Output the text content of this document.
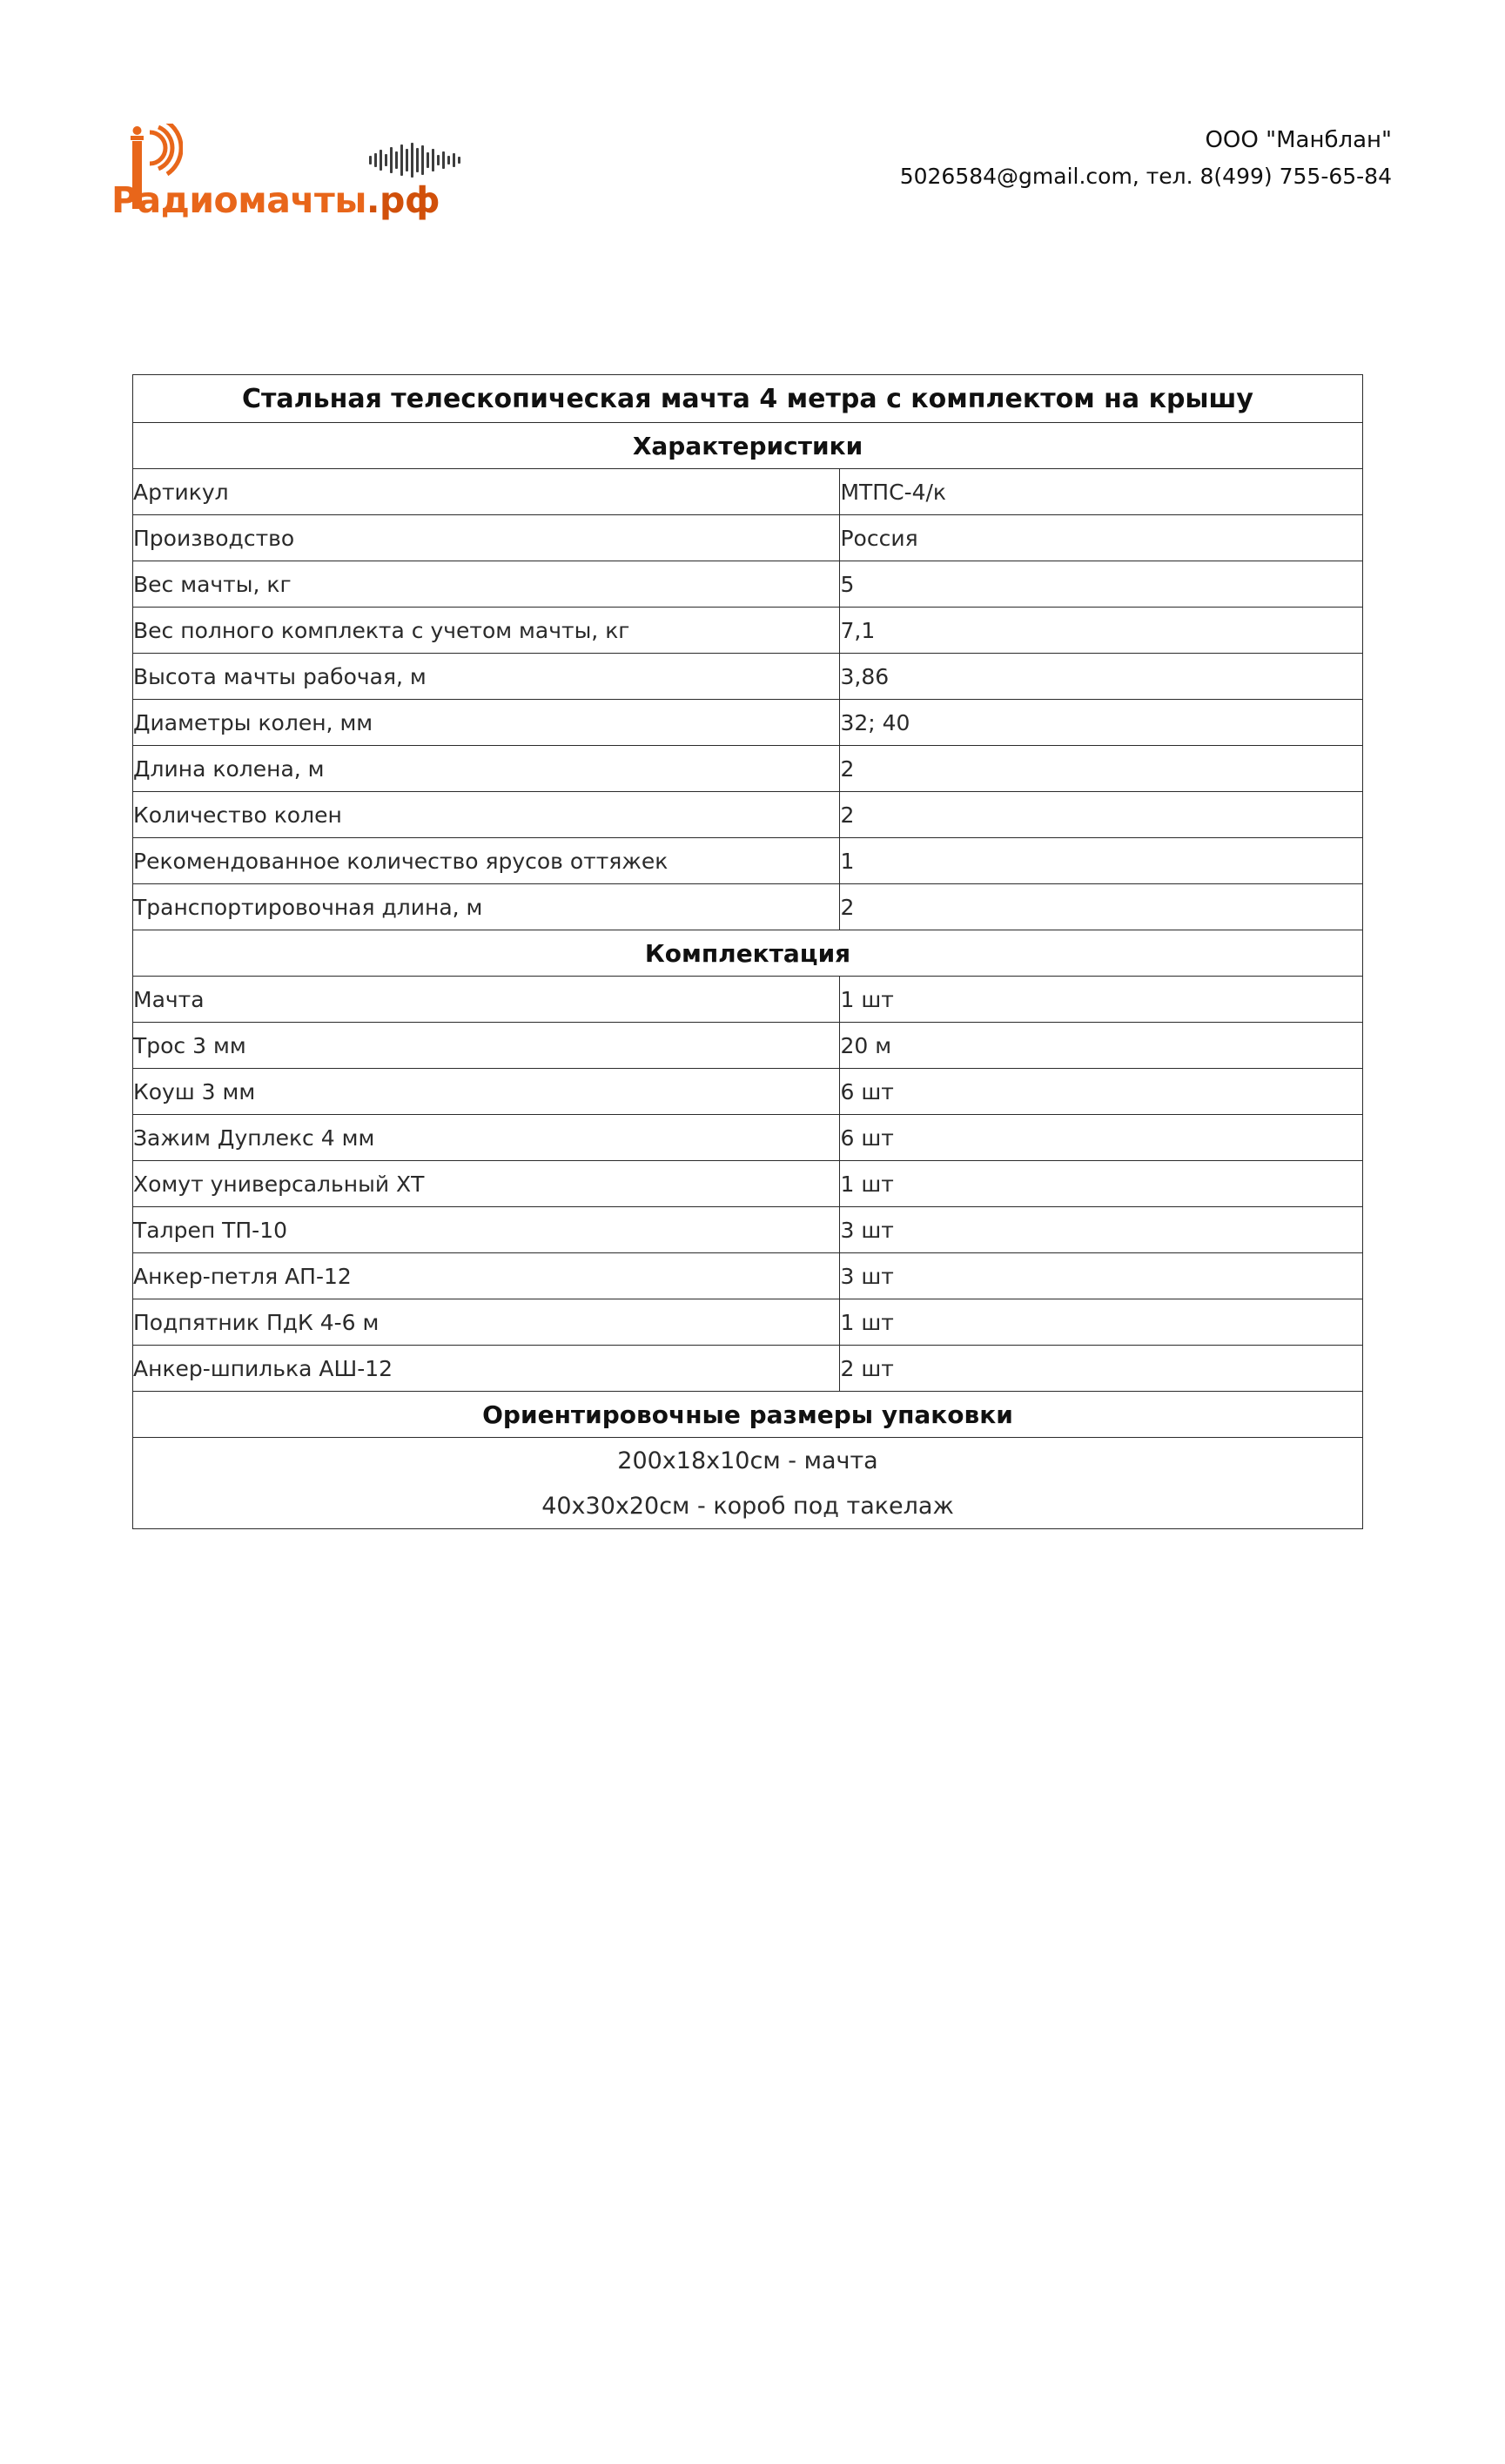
Радиомачты.рф
ООО "Манблан"
5026584@gmail.com, тел. 8(499) 755-65-84
Стальная телескопическая мачта 4 метра с комплектом на крышу	
Характеристики	
Артикул	МТПС-4/к
Производство	Россия
Вес мачты, кг	5
Вес полного комплекта с учетом мачты, кг	7,1
Высота мачты рабочая, м	3,86
Диаметры колен, мм	32; 40
Длина колена, м	2
Количество колен	2
Рекомендованное количество ярусов оттяжек	1
Транспортировочная длина, м	2
Комплектация	
Мачта	1 шт
Трос 3 мм	20 м
Коуш 3 мм	6 шт
Зажим Дуплекс 4 мм	6 шт
Хомут универсальный ХТ	1 шт
Талреп ТП-10	3 шт
Анкер-петля АП-12	3 шт
Подпятник ПдК 4-6 м	1 шт
Анкер-шпилька АШ-12	2 шт
Ориентировочные размеры упаковки	
200x18x10см - мачта	
40x30x20см - короб под такелаж	
